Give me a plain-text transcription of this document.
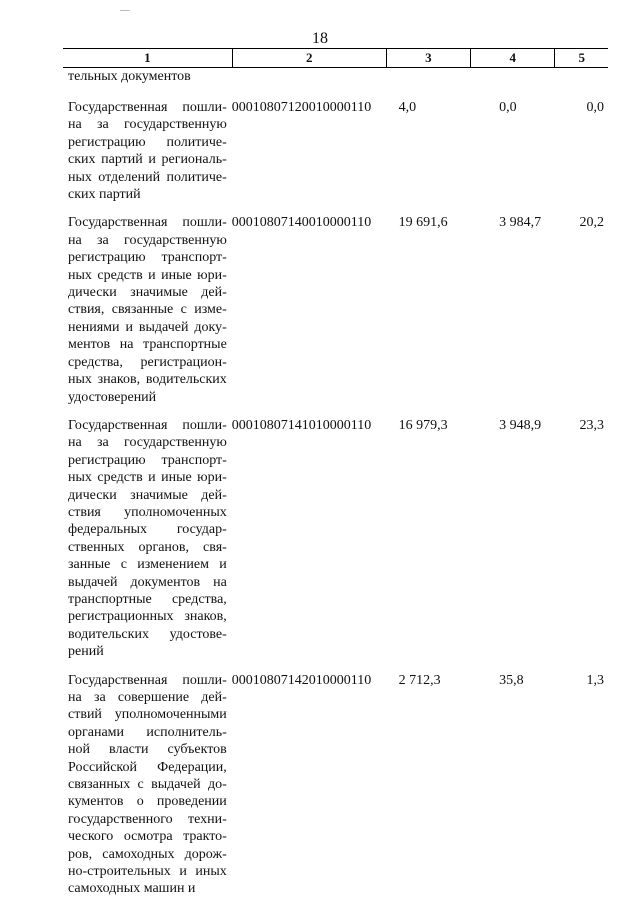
18
1	2	3	4	5
тельных документов
Государственная пошли-
на за государственную
регистрацию политиче-
ских партий и региональ-
ных отделений политиче-
ских партий
00010807120010000110	4,0	0,0	0,0
Государственная пошли-
на за государственную
регистрацию транспорт-
ных средств и иные юри-
дически значимые дей-
ствия, связанные с изме-
нениями и выдачей доку-
ментов на транспортные
средства, регистрацион-
ных знаков, водительских
удостоверений
00010807140010000110	19 691,6	3 984,7	20,2
Государственная пошли-
на за государственную
регистрацию транспорт-
ных средств и иные юри-
дически значимые дей-
ствия уполномоченных
федеральных государ-
ственных органов, свя-
занные с изменением и
выдачей документов на
транспортные средства,
регистрационных знаков,
водительских удостове-
рений
00010807141010000110	16 979,3	3 948,9	23,3
Государственная пошли-
на за совершение дей-
ствий уполномоченными
органами исполнитель-
ной власти субъектов
Российской Федерации,
связанных с выдачей до-
кументов о проведении
государственного техни-
ческого осмотра тракто-
ров, самоходных дорож-
но-строительных и иных
самоходных машин и
00010807142010000110	2 712,3	35,8	1,3
